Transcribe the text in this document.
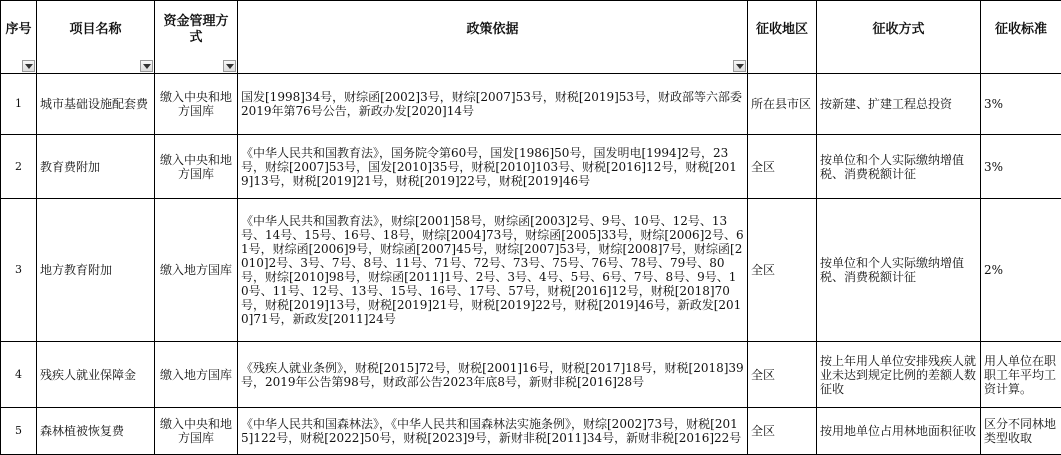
序号	项目名称	资金管理方式	政策依据	征收地区	征收方式	征收标准

1	城市基础设施配套费	缴入中央和地方国库	国发[1998]34号，财综函[2002]3号，财综[2007]53号，财税[2019]53号，财政部等六部委2019年第76号公告，新政办发[2020]14号	所在县市区	按新建、扩建工程总投资	3%
2	教育费附加	缴入中央和地方国库	《中华人民共和国教育法》，国务院令第60号，国发[1986]50号，国发明电[1994]2号，23号，财综[2007]53号，国发[2010]35号，财税[2010]103号、财税[2016]12号，财税[2019]13号，财税[2019]21号，财税[2019]22号，财税[2019]46号	全区	按单位和个人实际缴纳增值税、消费税额计征	3%
3	地方教育附加	缴入地方国库	《中华人民共和国教育法》，财综[2001]58号，财综函[2003]2号、9号、10号、12号、13号、14号、15号、16号、18号，财综[2004]73号，财综函[2005]33号，财综[2006]2号、61号，财综函[2006]9号，财综函[2007]45号，财综[2007]53号，财综[2008]7号，财综函[2010]2号、3号、7号、8号、11号、71号、72号、73号、75号、76号、78号、79号、80号，财综[2010]98号，财综函[2011]1号、2号、3号、4号、5号、6号、7号、8号、9号、10号、11号、12号、13号、15号、16号、17号、57号，财税[2016]12号，财税[2018]70号，财税[2019]13号，财税[2019]21号，财税[2019]22号，财税[2019]46号，新政发[2010]71号，新政发[2011]24号	全区	按单位和个人实际缴纳增值税、消费税额计征	2%
4	残疾人就业保障金	缴入地方国库	《残疾人就业条例》，财税[2015]72号，财税[2001]16号，财税[2017]18号，财税[2018]39号，2019年公告第98号，财政部公告2023年底8号，新财非税[2016]28号	全区	按上年用人单位安排残疾人就业未达到规定比例的差额人数征收	用人单位在职职工年平均工资计算。
5	森林植被恢复费	缴入中央和地方国库	《中华人民共和国森林法》，《中华人民共和国森林法实施条例》，财综[2002]73号，财税[2015]122号，财税[2022]50号，财税[2023]9号，新财非税[2011]34号，新财非税[2016]22号	全区	按用地单位占用林地面积征收	区分不同林地类型收取
